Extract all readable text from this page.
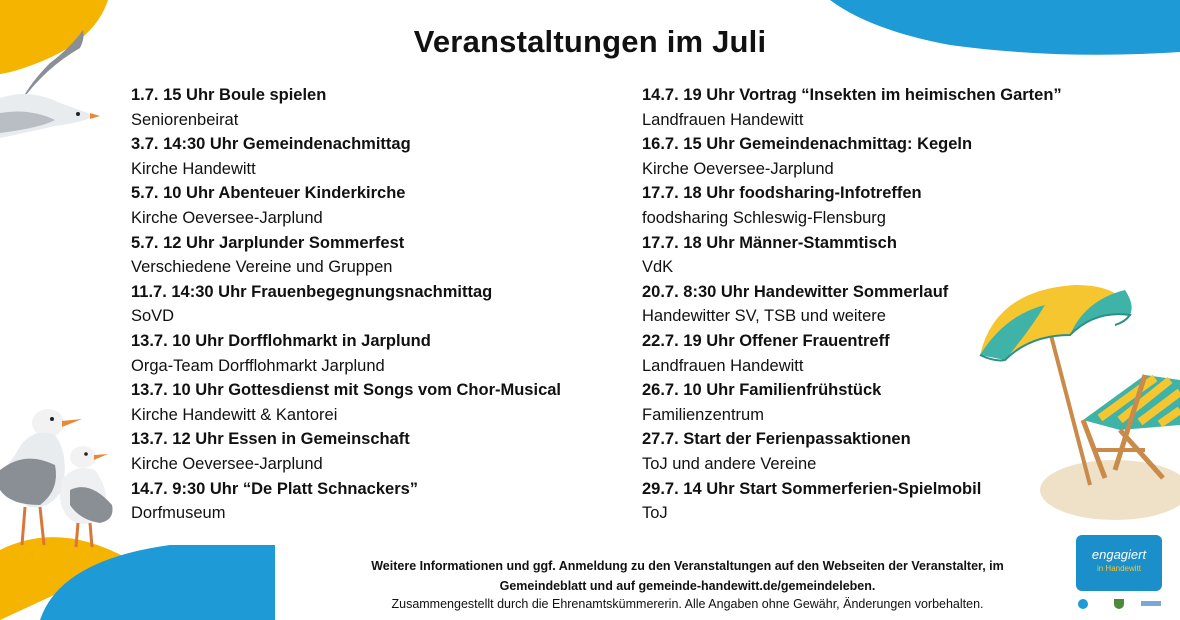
Veranstaltungen im Juli
1.7. 15 Uhr Boule spielen
Seniorenbeirat
3.7. 14:30 Uhr Gemeindenachmittag
Kirche Handewitt
5.7. 10 Uhr Abenteuer Kinderkirche
Kirche Oeversee-Jarplund
5.7. 12 Uhr Jarplunder Sommerfest
Verschiedene Vereine und Gruppen
11.7. 14:30 Uhr Frauenbegegnungsnachmittag
SoVD
13.7. 10 Uhr Dorfflohmarkt in Jarplund
Orga-Team Dorfflohmarkt Jarplund
13.7. 10 Uhr Gottesdienst mit Songs vom Chor-Musical
Kirche Handewitt & Kantorei
13.7. 12 Uhr Essen in Gemeinschaft
Kirche Oeversee-Jarplund
14.7. 9:30 Uhr “De Platt Schnackers”
Dorfmuseum
14.7. 19 Uhr Vortrag “Insekten im heimischen Garten”
Landfrauen Handewitt
16.7. 15 Uhr Gemeindenachmittag: Kegeln
Kirche Oeversee-Jarplund
17.7. 18 Uhr foodsharing-Infotreffen
foodsharing Schleswig-Flensburg
17.7. 18 Uhr Männer-Stammtisch
VdK
20.7. 8:30 Uhr Handewitter Sommerlauf
Handewitter SV, TSB und weitere
22.7. 19 Uhr Offener Frauentreff
Landfrauen Handewitt
26.7. 10 Uhr Familienfrühstück
Familienzentrum
27.7. Start der Ferienpassaktionen
ToJ und andere Vereine
29.7. 14 Uhr Start Sommerferien-Spielmobil
ToJ
Weitere Informationen und ggf. Anmeldung zu den Veranstaltungen auf den Webseiten der Veranstalter, im
Gemeindeblatt und auf gemeinde-handewitt.de/gemeindeleben.
Zusammengestellt durch die Ehrenamtskümmererin. Alle Angaben ohne Gewähr, Änderungen vorbehalten.
engagiert
in Handewitt
